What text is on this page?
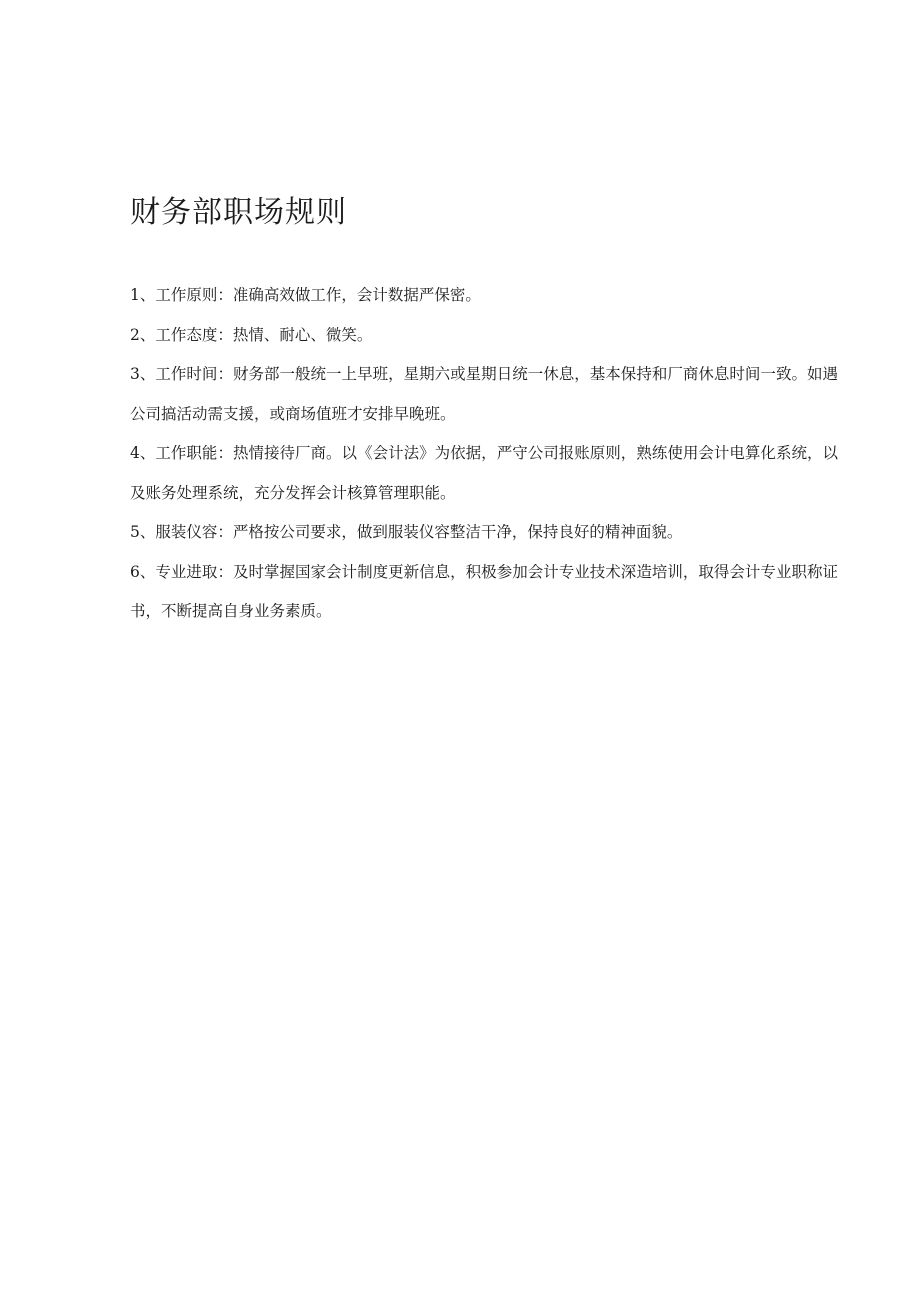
财务部职场规则
1、工作原则：准确高效做工作，会计数据严保密。
2、工作态度：热情、耐心、微笑。
3、工作时间：财务部一般统一上早班，星期六或星期日统一休息，基本保持和厂商休息时间一致。如遇公司搞活动需支援，或商场值班才安排早晚班。
4、工作职能：热情接待厂商。以《会计法》为依据，严守公司报账原则，熟练使用会计电算化系统，以及账务处理系统，充分发挥会计核算管理职能。
5、服装仪容：严格按公司要求，做到服装仪容整洁干净，保持良好的精神面貌。
6、专业进取：及时掌握国家会计制度更新信息，积极参加会计专业技术深造培训，取得会计专业职称证书，不断提高自身业务素质。
